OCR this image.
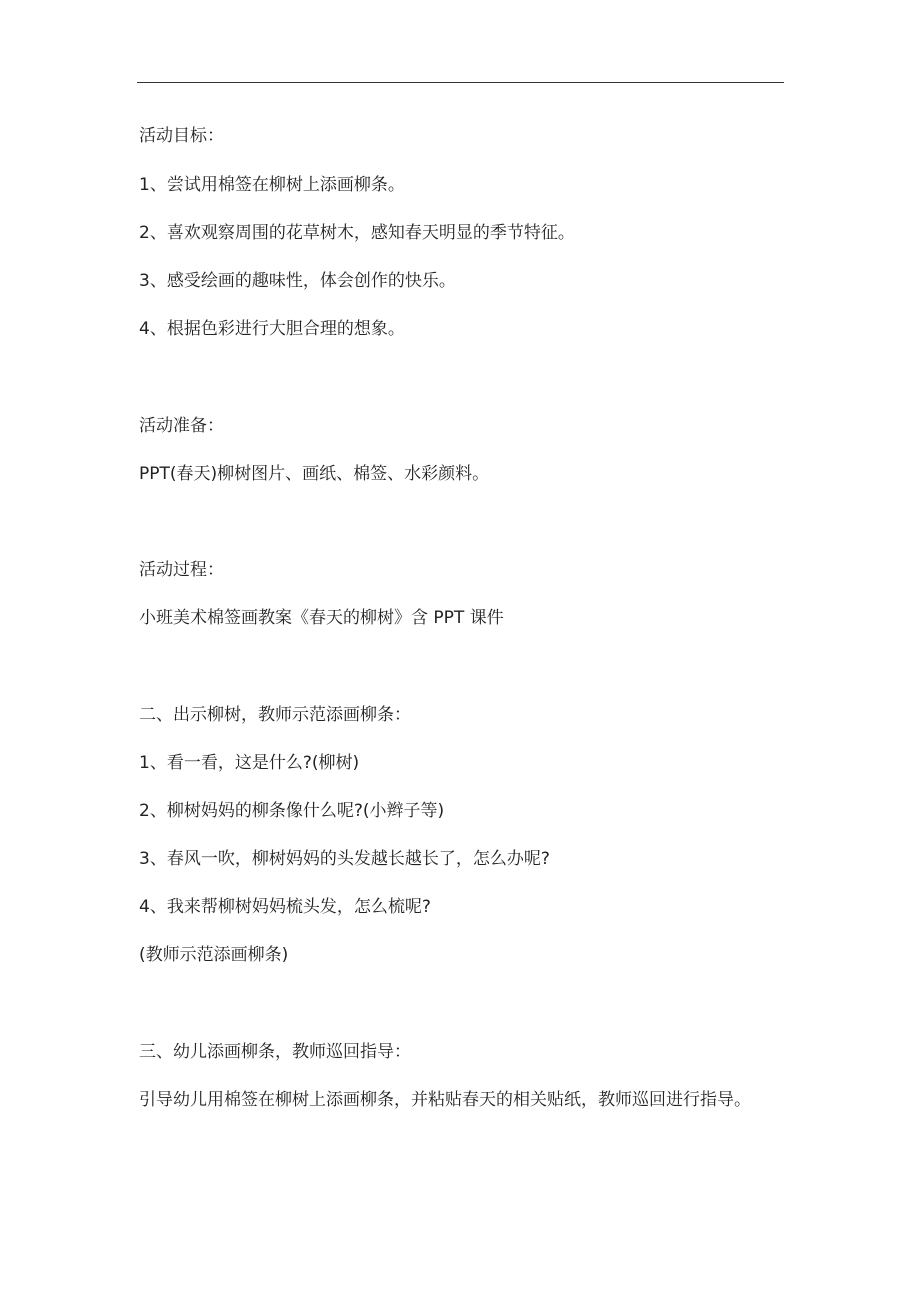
活动目标：
1、尝试用棉签在柳树上添画柳条。
2、喜欢观察周围的花草树木，感知春天明显的季节特征。
3、感受绘画的趣味性，体会创作的快乐。
4、根据色彩进行大胆合理的想象。
活动准备：
PPT(春天)柳树图片、画纸、棉签、水彩颜料。
活动过程：
小班美术棉签画教案《春天的柳树》含 PPT 课件
二、出示柳树，教师示范添画柳条：
1、看一看，这是什么?(柳树)
2、柳树妈妈的柳条像什么呢?(小辫子等)
3、春风一吹，柳树妈妈的头发越长越长了，怎么办呢?
4、我来帮柳树妈妈梳头发，怎么梳呢?
(教师示范添画柳条)
三、幼儿添画柳条，教师巡回指导：
引导幼儿用棉签在柳树上添画柳条，并粘贴春天的相关贴纸，教师巡回进行指导。
